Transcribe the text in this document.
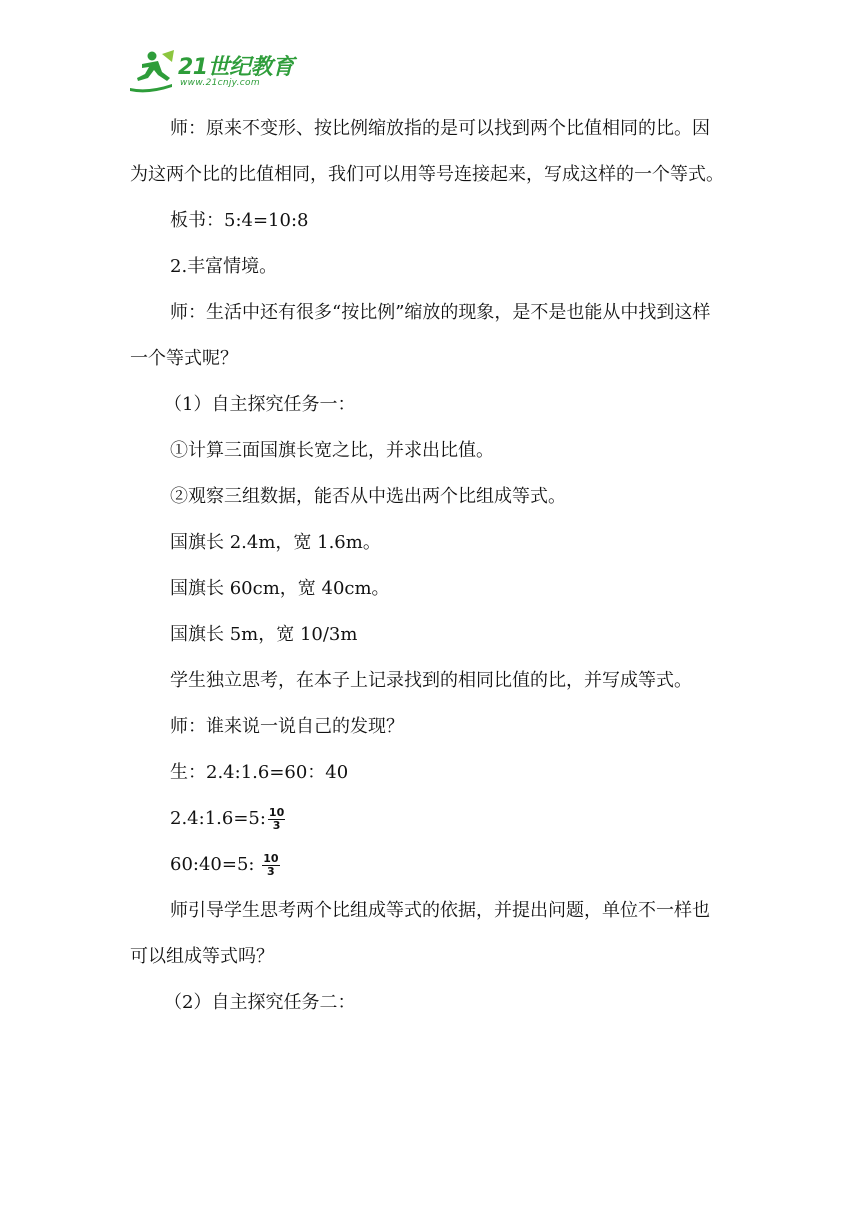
21世纪教育
www.21cnjy.com

师：原来不变形、按比例缩放指的是可以找到两个比值相同的比。因为这两个比的比值相同，我们可以用等号连接起来，写成这样的一个等式。

板书：5:4=10:8

2.丰富情境。

师：生活中还有很多“按比例”缩放的现象，是不是也能从中找到这样一个等式呢？

（1）自主探究任务一：

①计算三面国旗长宽之比，并求出比值。

②观察三组数据，能否从中选出两个比组成等式。

国旗长 2.4m，宽 1.6m。

国旗长 60cm，宽 40cm。

国旗长 5m，宽 10/3m

学生独立思考，在本子上记录找到的相同比值的比，并写成等式。

师：谁来说一说自己的发现？

生：2.4:1.6=60：40

2.4:1.6=5: $\frac{10}{3}$

60:40=5: $\frac{10}{3}$

师引导学生思考两个比组成等式的依据，并提出问题，单位不一样也可以组成等式吗？

（2）自主探究任务二：
